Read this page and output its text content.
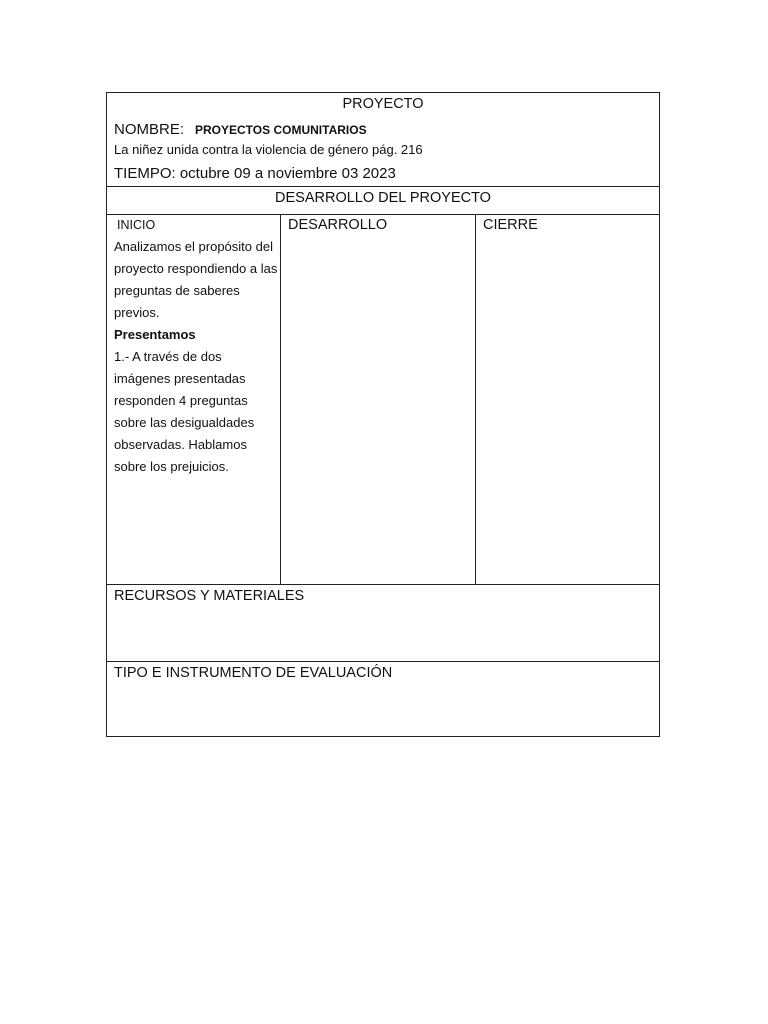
PROYECTO
NOMBRE: PROYECTOS COMUNITARIOS
La niñez unida contra la violencia de género pág. 216
TIEMPO: octubre 09 a noviembre 03 2023
DESARROLLO DEL PROYECTO
INICIO	DESARROLLO	CIERRE

Analizamos el propósito del proyecto respondiendo a las preguntas de saberes previos.

Presentamos

1.- A través de dos imágenes presentadas responden 4 preguntas sobre las desigualdades observadas. Hablamos sobre los prejuicios.

RECURSOS Y MATERIALES
TIPO E INSTRUMENTO DE EVALUACIÓN
